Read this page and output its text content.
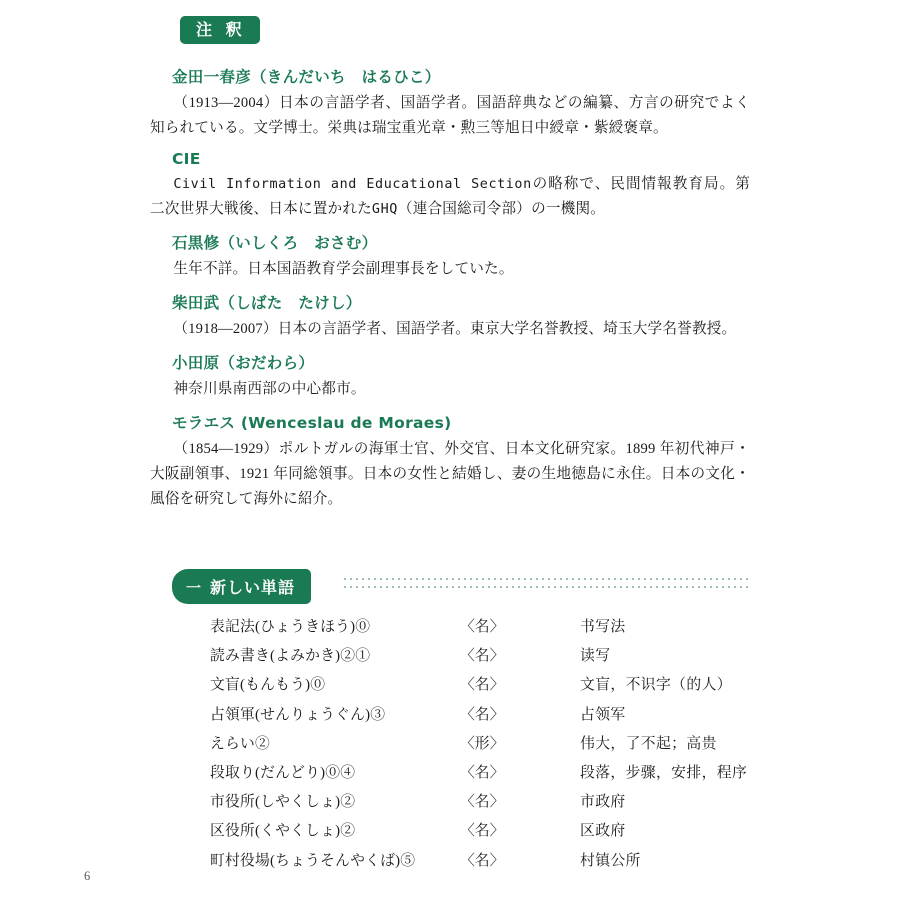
注 釈
金田一春彦（きんだいち　はるひこ）

（1913—2004）日本の言語学者、国語学者。国語辞典などの編纂、方言の研究でよく知られている。文学博士。栄典は瑞宝重光章・勲三等旭日中綬章・紫綬褒章。

CIE

Civil Information and Educational Sectionの略称で、民間情報教育局。第二次世界大戦後、日本に置かれたGHQ（連合国総司令部）の一機関。

石黒修（いしくろ　おさむ）

生年不詳。日本国語教育学会副理事長をしていた。

柴田武（しばた　たけし）

（1918—2007）日本の言語学者、国語学者。東京大学名誉教授、埼玉大学名誉教授。

小田原（おだわら）

神奈川県南西部の中心都市。

モラエス (Wenceslau de Moraes)

（1854—1929）ポルトガルの海軍士官、外交官、日本文化研究家。1899 年初代神戸・大阪副領事、1921 年同総領事。日本の女性と結婚し、妻の生地徳島に永住。日本の文化・風俗を研究して海外に紹介。

一 新しい単語
表記法(ひょうきほう)⓪	〈名〉	书写法
読み書き(よみかき)②①	〈名〉	读写
文盲(もんもう)⓪	〈名〉	文盲，不识字（的人）
占領軍(せんりょうぐん)③	〈名〉	占领军
えらい②	〈形〉	伟大，了不起；高贵
段取り(だんどり)⓪④	〈名〉	段落，步骤，安排，程序
市役所(しやくしょ)②	〈名〉	市政府
区役所(くやくしょ)②	〈名〉	区政府
町村役場(ちょうそんやくば)⑤	〈名〉	村镇公所
6
